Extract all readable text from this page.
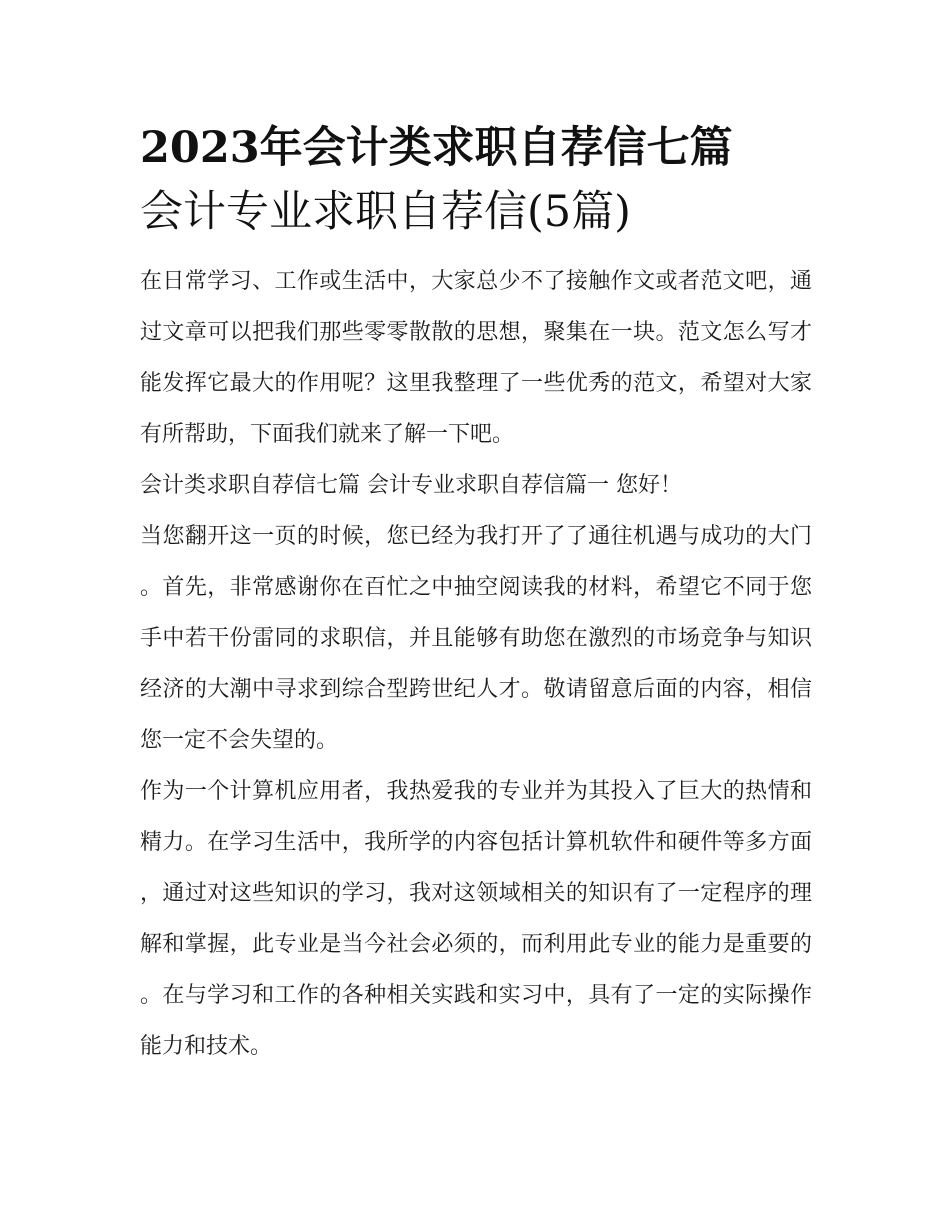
2023年会计类求职自荐信七篇
会计专业求职自荐信(5篇)

在日常学习、工作或生活中，大家总少不了接触作文或者范文吧，通过文章可以把我们那些零零散散的思想，聚集在一块。范文怎么写才能发挥它最大的作用呢？这里我整理了一些优秀的范文，希望对大家有所帮助，下面我们就来了解一下吧。

会计类求职自荐信七篇 会计专业求职自荐信篇一 您好！

当您翻开这一页的时候，您已经为我打开了了通往机遇与成功的大门。首先，非常感谢你在百忙之中抽空阅读我的材料，希望它不同于您手中若干份雷同的求职信，并且能够有助您在激烈的市场竞争与知识经济的大潮中寻求到综合型跨世纪人才。敬请留意后面的内容，相信您一定不会失望的。

作为一个计算机应用者，我热爱我的专业并为其投入了巨大的热情和精力。在学习生活中，我所学的内容包括计算机软件和硬件等多方面，通过对这些知识的学习，我对这领域相关的知识有了一定程序的理解和掌握，此专业是当今社会必须的，而利用此专业的能力是重要的。在与学习和工作的各种相关实践和实习中，具有了一定的实际操作能力和技术。
